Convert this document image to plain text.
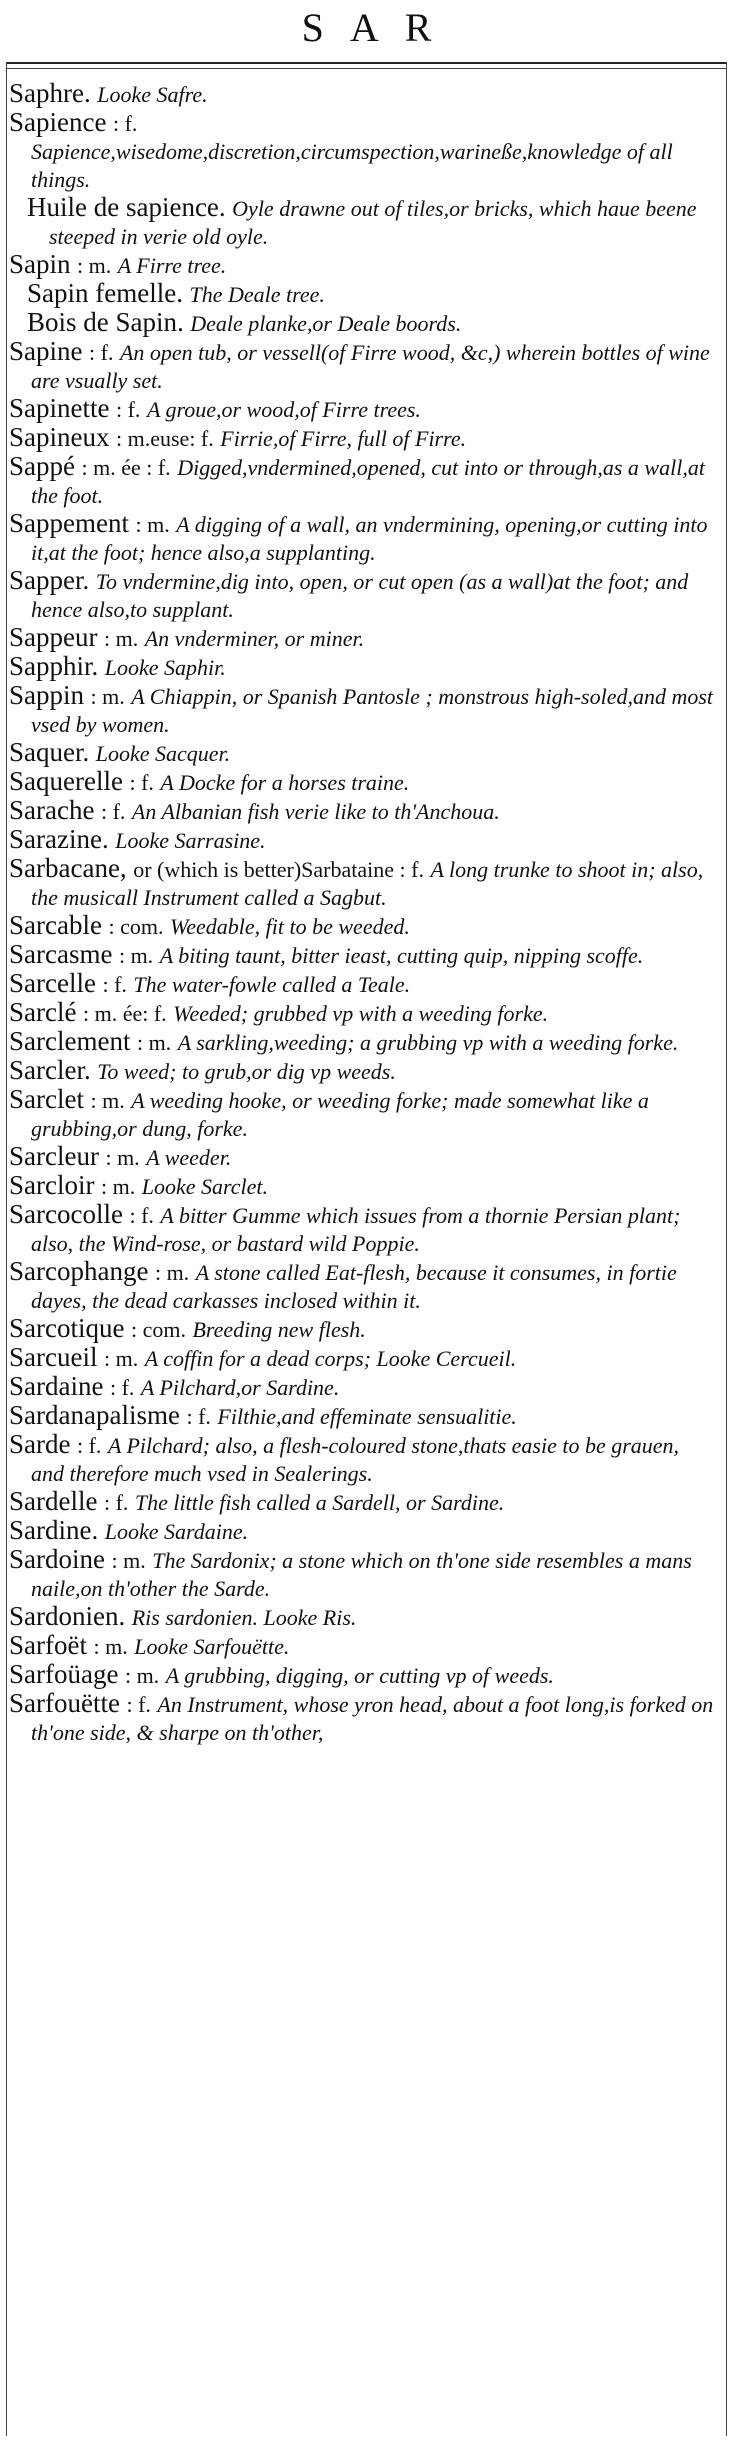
SAR

Saphre. Looke Safre.

Sapience : f. Sapience,wisedome,discretion,circumspection,warineße,knowledge of all things.

Huile de sapience. Oyle drawne out of tiles,or bricks, which haue beene steeped in verie old oyle.

Sapin : m. A Firre tree.

Sapin femelle. The Deale tree.

Bois de Sapin. Deale planke,or Deale boords.

Sapine : f. An open tub, or vessell(of Firre wood, &c,) wherein bottles of wine are vsually set.

Sapinette : f. A groue,or wood,of Firre trees.

Sapineux : m.euse: f. Firrie,of Firre, full of Firre.

Sappé : m. ée : f. Digged,vndermined,opened, cut into or through,as a wall,at the foot.

Sappement : m. A digging of a wall, an vndermining, opening,or cutting into it,at the foot; hence also,a supplanting.

Sapper. To vndermine,dig into, open, or cut open (as a wall)at the foot; and hence also,to supplant.

Sappeur : m. An vnderminer, or miner.

Sapphir. Looke Saphir.

Sappin : m. A Chiappin, or Spanish Pantosle ; monstrous high-soled,and most vsed by women.

Saquer. Looke Sacquer.

Saquerelle : f. A Docke for a horses traine.

Sarache : f. An Albanian fish verie like to th'Anchoua.

Sarazine. Looke Sarrasine.

Sarbacane, or (which is better)Sarbataine : f. A long trunke to shoot in; also, the musicall Instrument called a Sagbut.

Sarcable : com. Weedable, fit to be weeded.

Sarcasme : m. A biting taunt, bitter ieast, cutting quip, nipping scoffe.

Sarcelle : f. The water-fowle called a Teale.

Sarclé : m. ée: f. Weeded; grubbed vp with a weeding forke.

Sarclement : m. A sarkling,weeding; a grubbing vp with a weeding forke.

Sarcler. To weed; to grub,or dig vp weeds.

Sarclet : m. A weeding hooke, or weeding forke; made somewhat like a grubbing,or dung, forke.

Sarcleur : m. A weeder.

Sarcloir : m. Looke Sarclet.

Sarcocolle : f. A bitter Gumme which issues from a thornie Persian plant; also, the Wind-rose, or bastard wild Poppie.

Sarcophange : m. A stone called Eat-flesh, because it consumes, in fortie dayes, the dead carkasses inclosed within it.

Sarcotique : com. Breeding new flesh.

Sarcueil : m. A coffin for a dead corps; Looke Cercueil.

Sardaine : f. A Pilchard,or Sardine.

Sardanapalisme : f. Filthie,and effeminate sensualitie.

Sarde : f. A Pilchard; also, a flesh-coloured stone,thats easie to be grauen, and therefore much vsed in Sealerings.

Sardelle : f. The little fish called a Sardell, or Sardine.

Sardine. Looke Sardaine.

Sardoine : m. The Sardonix; a stone which on th'one side resembles a mans naile,on th'other the Sarde.

Sardonien. Ris sardonien. Looke Ris.

Sarfoët : m. Looke Sarfouëtte.

Sarfoüage : m. A grubbing, digging, or cutting vp of weeds.

Sarfouëtte : f. An Instrument, whose yron head, about a foot long,is forked on th'one side, & sharpe on th'other,
